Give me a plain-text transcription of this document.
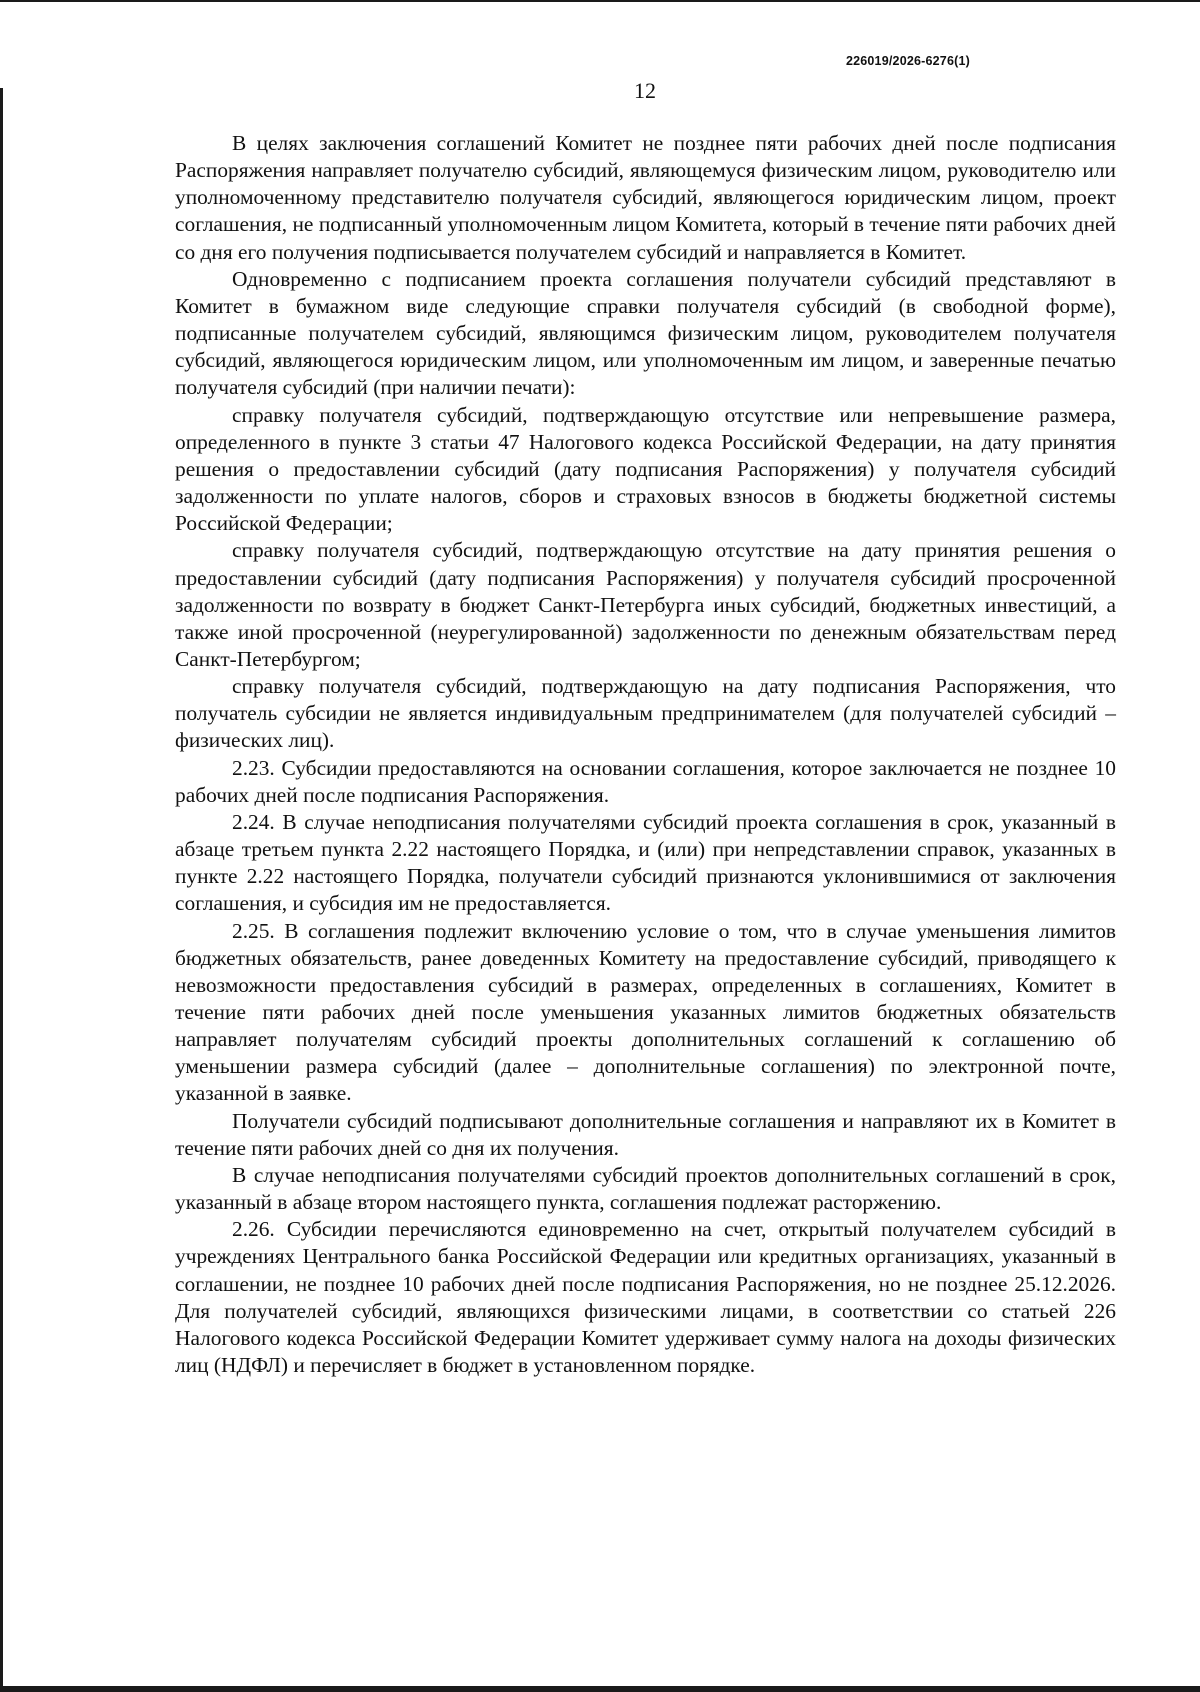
226019/2026-6276(1)
12

В целях заключения соглашений Комитет не позднее пяти рабочих дней после подписания Распоряжения направляет получателю субсидий, являющемуся физическим лицом, руководителю или уполномоченному представителю получателя субсидий, являющегося юридическим лицом, проект соглашения, не подписанный уполномоченным лицом Комитета, который в течение пяти рабочих дней со дня его получения подписывается получателем субсидий и направляется в Комитет.

Одновременно с подписанием проекта соглашения получатели субсидий представляют в Комитет в бумажном виде следующие справки получателя субсидий (в свободной форме), подписанные получателем субсидий, являющимся физическим лицом, руководителем получателя субсидий, являющегося юридическим лицом, или уполномоченным им лицом, и заверенные печатью получателя субсидий (при наличии печати):

справку получателя субсидий, подтверждающую отсутствие или непревышение размера, определенного в пункте 3 статьи 47 Налогового кодекса Российской Федерации, на дату принятия решения о предоставлении субсидий (дату подписания Распоряжения) у получателя субсидий задолженности по уплате налогов, сборов и страховых взносов в бюджеты бюджетной системы Российской Федерации;

справку получателя субсидий, подтверждающую отсутствие на дату принятия решения о предоставлении субсидий (дату подписания Распоряжения) у получателя субсидий просроченной задолженности по возврату в бюджет Санкт-Петербурга иных субсидий, бюджетных инвестиций, а также иной просроченной (неурегулированной) задолженности по денежным обязательствам перед Санкт-Петербургом;

справку получателя субсидий, подтверждающую на дату подписания Распоряжения, что получатель субсидии не является индивидуальным предпринимателем (для получателей субсидий – физических лиц).

2.23. Субсидии предоставляются на основании соглашения, которое заключается не позднее 10 рабочих дней после подписания Распоряжения.

2.24. В случае неподписания получателями субсидий проекта соглашения в срок, указанный в абзаце третьем пункта 2.22 настоящего Порядка, и (или) при непредставлении справок, указанных в пункте 2.22 настоящего Порядка, получатели субсидий признаются уклонившимися от заключения соглашения, и субсидия им не предоставляется.

2.25. В соглашения подлежит включению условие о том, что в случае уменьшения лимитов бюджетных обязательств, ранее доведенных Комитету на предоставление субсидий, приводящего к невозможности предоставления субсидий в размерах, определенных в соглашениях, Комитет в течение пяти рабочих дней после уменьшения указанных лимитов бюджетных обязательств направляет получателям субсидий проекты дополнительных соглашений к соглашению об уменьшении размера субсидий (далее – дополнительные соглашения) по электронной почте, указанной в заявке.

Получатели субсидий подписывают дополнительные соглашения и направляют их в Комитет в течение пяти рабочих дней со дня их получения.

В случае неподписания получателями субсидий проектов дополнительных соглашений в срок, указанный в абзаце втором настоящего пункта, соглашения подлежат расторжению.

2.26. Субсидии перечисляются единовременно на счет, открытый получателем субсидий в учреждениях Центрального банка Российской Федерации или кредитных организациях, указанный в соглашении, не позднее 10 рабочих дней после подписания Распоряжения, но не позднее 25.12.2026. Для получателей субсидий, являющихся физическими лицами, в соответствии со статьей 226 Налогового кодекса Российской Федерации Комитет удерживает сумму налога на доходы физических лиц (НДФЛ) и перечисляет в бюджет в установленном порядке.
